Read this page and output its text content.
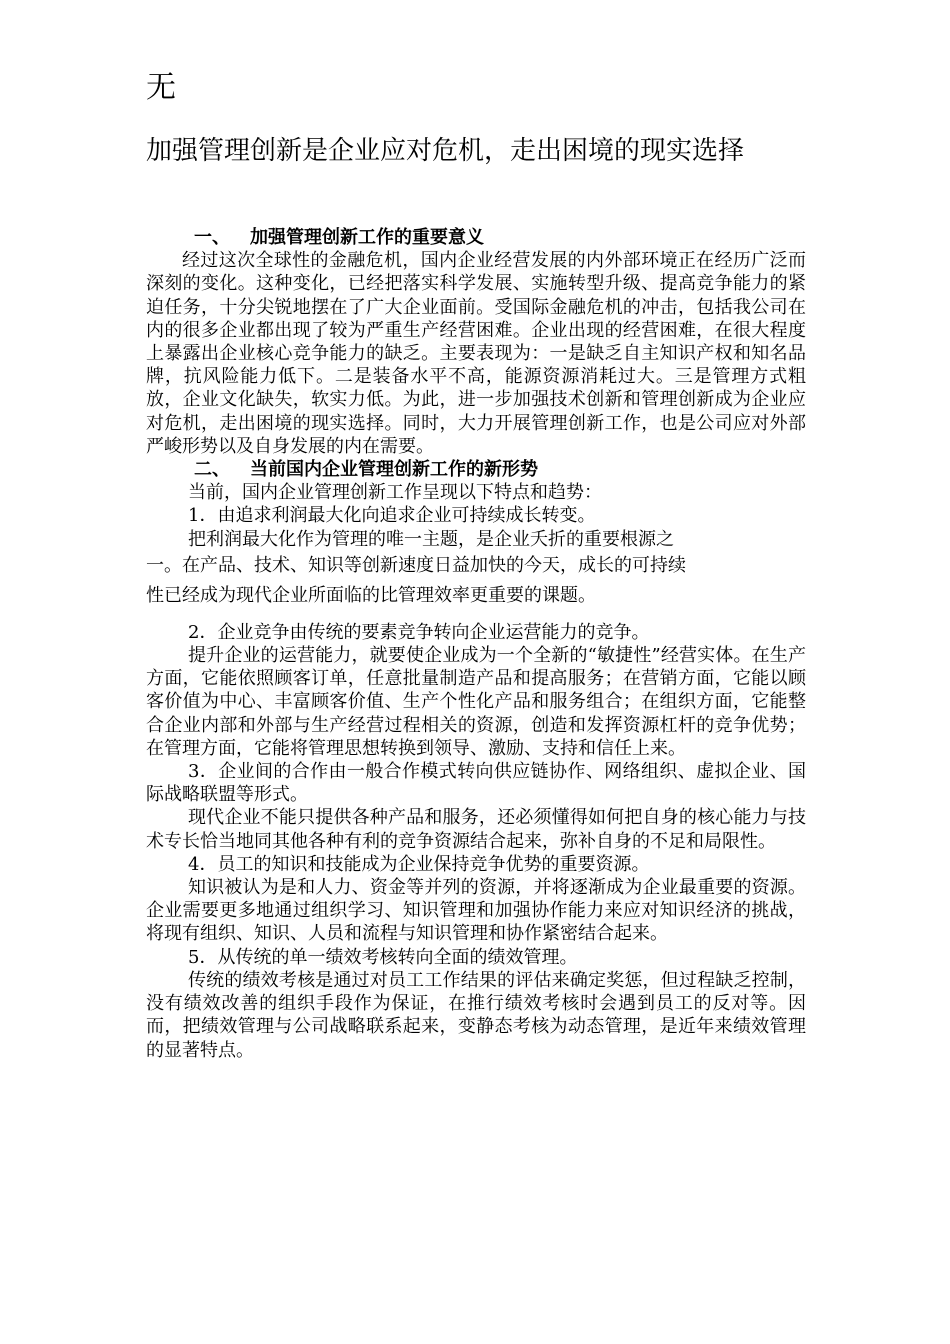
无
加强管理创新是企业应对危机，走出困境的现实选择

一、 加强管理创新工作的重要意义

经过这次全球性的金融危机，国内企业经营发展的内外部环境正在经历广泛而深刻的变化。这种变化，已经把落实科学发展、实施转型升级、提高竞争能力的紧迫任务，十分尖锐地摆在了广大企业面前。受国际金融危机的冲击，包括我公司在内的很多企业都出现了较为严重生产经营困难。企业出现的经营困难，在很大程度上暴露出企业核心竞争能力的缺乏。主要表现为：一是缺乏自主知识产权和知名品牌，抗风险能力低下。二是装备水平不高，能源资源消耗过大。三是管理方式粗放，企业文化缺失，软实力低。为此，进一步加强技术创新和管理创新成为企业应对危机，走出困境的现实选择。同时，大力开展管理创新工作，也是公司应对外部严峻形势以及自身发展的内在需要。

二、 当前国内企业管理创新工作的新形势

当前，国内企业管理创新工作呈现以下特点和趋势：

1．由追求利润最大化向追求企业可持续成长转变。

把利润最大化作为管理的唯一主题，是企业夭折的重要根源之

一。在产品、技术、知识等创新速度日益加快的今天，成长的可持续

性已经成为现代企业所面临的比管理效率更重要的课题。

2．企业竞争由传统的要素竞争转向企业运营能力的竞争。

提升企业的运营能力，就要使企业成为一个全新的“敏捷性”经营实体。在生产方面，它能依照顾客订单，任意批量制造产品和提高服务；在营销方面，它能以顾客价值为中心、丰富顾客价值、生产个性化产品和服务组合；在组织方面，它能整合企业内部和外部与生产经营过程相关的资源，创造和发挥资源杠杆的竞争优势；在管理方面，它能将管理思想转换到领导、激励、支持和信任上来。

3．企业间的合作由一般合作模式转向供应链协作、网络组织、虚拟企业、国际战略联盟等形式。

现代企业不能只提供各种产品和服务，还必须懂得如何把自身的核心能力与技术专长恰当地同其他各种有利的竞争资源结合起来，弥补自身的不足和局限性。

4．员工的知识和技能成为企业保持竞争优势的重要资源。

知识被认为是和人力、资金等并列的资源，并将逐渐成为企业最重要的资源。企业需要更多地通过组织学习、知识管理和加强协作能力来应对知识经济的挑战，将现有组织、知识、人员和流程与知识管理和协作紧密结合起来。

5．从传统的单一绩效考核转向全面的绩效管理。

传统的绩效考核是通过对员工工作结果的评估来确定奖惩，但过程缺乏控制，没有绩效改善的组织手段作为保证，在推行绩效考核时会遇到员工的反对等。因而，把绩效管理与公司战略联系起来，变静态考核为动态管理，是近年来绩效管理的显著特点。
